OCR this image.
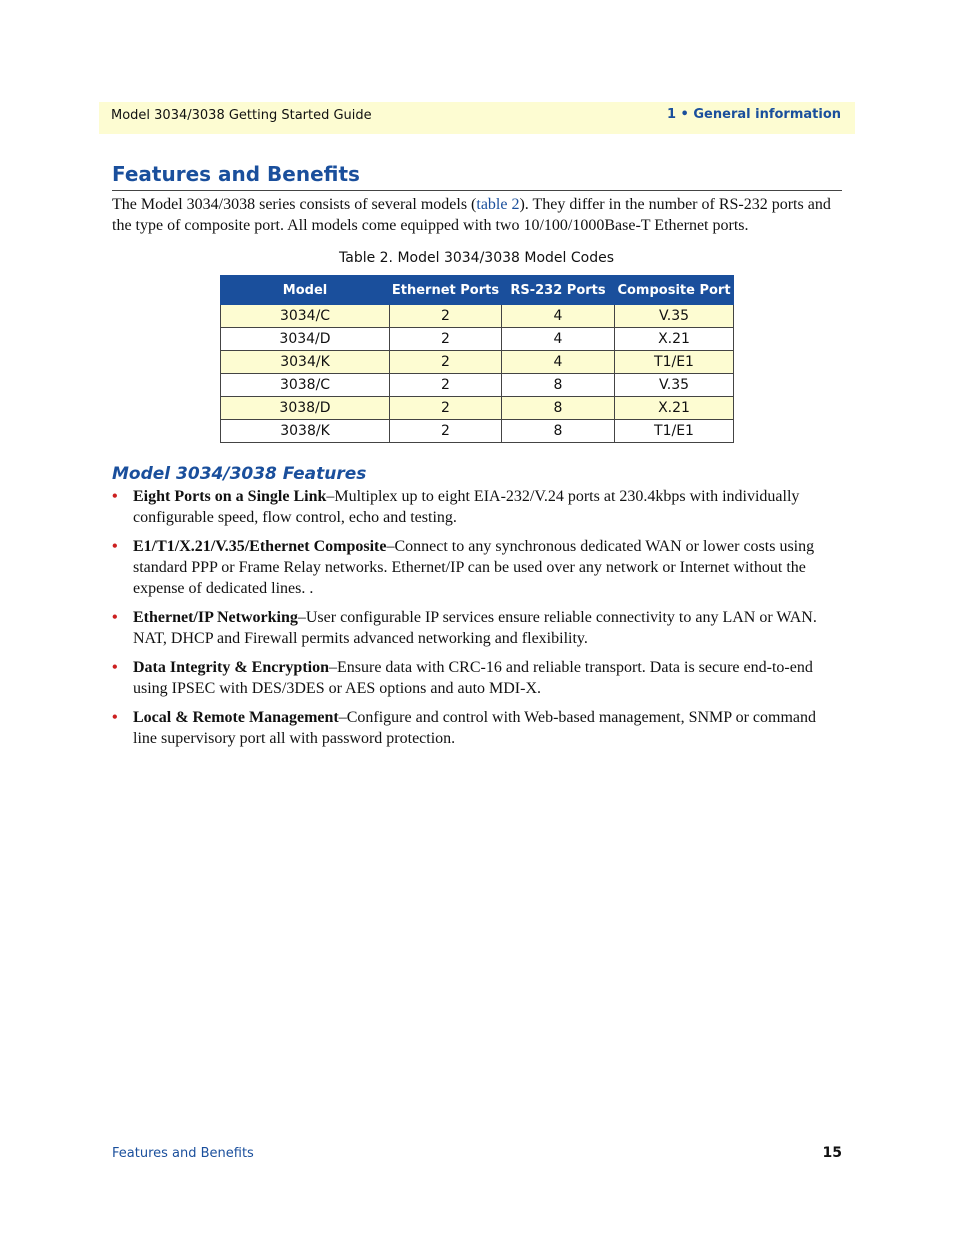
Model 3034/3038 Getting Started Guide	1 • General information
Features and Benefits

The Model 3034/3038 series consists of several models (table 2). They differ in the number of RS-232 ports and the type of composite port. All models come equipped with two 10/100/1000Base-T Ethernet ports.

Table 2. Model 3034/3038 Model Codes
Model	Ethernet Ports	RS-232 Ports	Composite Port
3034/C	2	4	V.35
3034/D	2	4	X.21
3034/K	2	4	T1/E1
3038/C	2	8	V.35
3038/D	2	8	X.21
3038/K	2	8	T1/E1
Model 3034/3038 Features
• Eight Ports on a Single Link–Multiplex up to eight EIA-232/V.24 ports at 230.4kbps with individually configurable speed, flow control, echo and testing.
• E1/T1/X.21/V.35/Ethernet Composite–Connect to any synchronous dedicated WAN or lower costs using standard PPP or Frame Relay networks. Ethernet/IP can be used over any network or Internet without the expense of dedicated lines. .
• Ethernet/IP Networking–User configurable IP services ensure reliable connectivity to any LAN or WAN. NAT, DHCP and Firewall permits advanced networking and flexibility.
• Data Integrity & Encryption–Ensure data with CRC-16 and reliable transport. Data is secure end-to-end using IPSEC with DES/3DES or AES options and auto MDI-X.
• Local & Remote Management–Configure and control with Web-based management, SNMP or command line supervisory port all with password protection.
Features and Benefits	15
